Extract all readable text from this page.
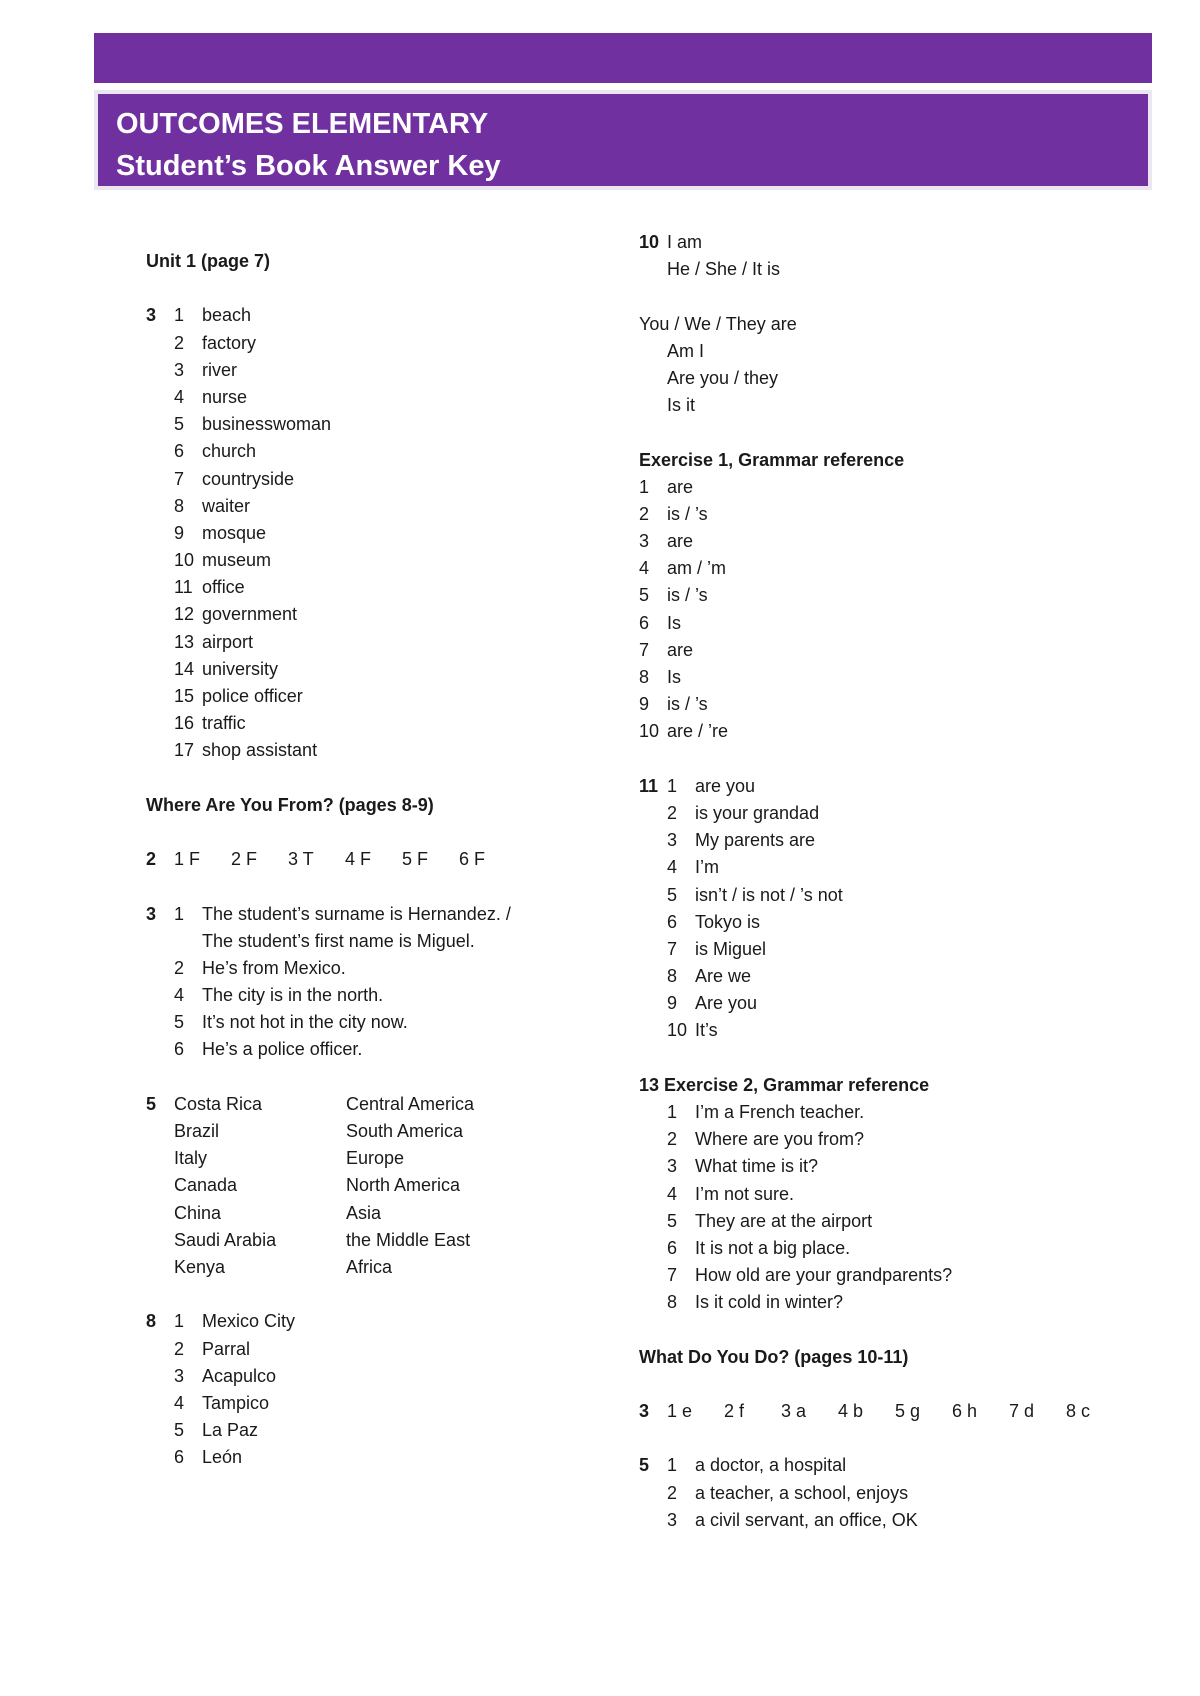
OUTCOMES ELEMENTARY
Student’s Book Answer Key
Unit 1 (page 7)
3 1 beach
2 factory
3 river
4 nurse
5 businesswoman
6 church
7 countryside
8 waiter
9 mosque
10 museum
11 office
12 government
13 airport
14 university
15 police officer
16 traffic
17 shop assistant
Where Are You From? (pages 8-9)
2 1 F	2 F	3 T	4 F	5 F	6 F
3 1 The student’s surname is Hernandez. /
The student’s first name is Miguel.
2 He’s from Mexico.
4 The city is in the north.
5 It’s not hot in the city now.
6 He’s a police officer.
5 Costa Rica	Central America
Brazil	South America
Italy	Europe
Canada	North America
China	Asia
Saudi Arabia	the Middle East
Kenya	Africa
8 1 Mexico City
2 Parral
3 Acapulco
4 Tampico
5 La Paz
6 León
10 I am
He / She / It is
You / We / They are
Am I
Are you / they
Is it
Exercise 1, Grammar reference
1 are
2 is / ’s
3 are
4 am / ’m
5 is / ’s
6 Is
7 are
8 Is
9 is / ’s
10 are / ’re
11 1 are you
2 is your grandad
3 My parents are
4 I’m
5 isn’t / is not / ’s not
6 Tokyo is
7 is Miguel
8 Are we
9 Are you
10 It’s
13 Exercise 2, Grammar reference
1 I’m a French teacher.
2 Where are you from?
3 What time is it?
4 I’m not sure.
5 They are at the airport
6 It is not a big place.
7 How old are your grandparents?
8 Is it cold in winter?
What Do You Do? (pages 10-11)
3 1 e	2 f	3 a	4 b	5 g	6 h	7 d	8 c
5 1 a doctor, a hospital
2 a teacher, a school, enjoys
3 a civil servant, an office, OK
